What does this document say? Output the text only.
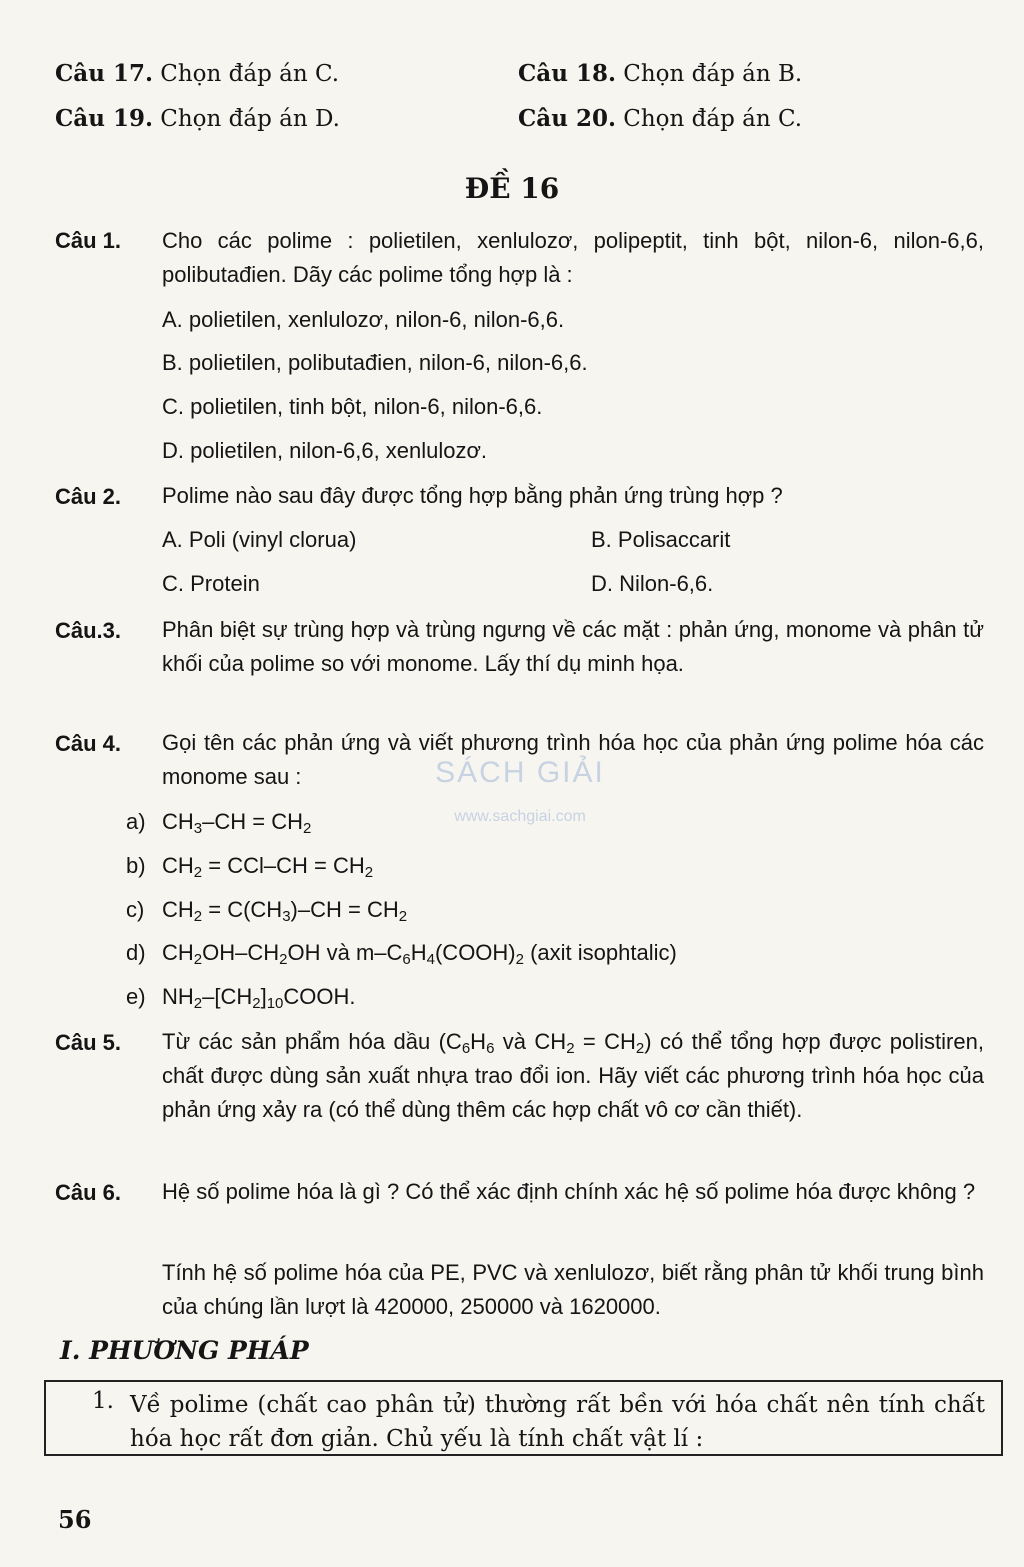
Câu 17. Chọn đáp án C.	Câu 18. Chọn đáp án B.
Câu 19. Chọn đáp án D.	Câu 20. Chọn đáp án C.
ĐỀ 16
Câu 1. Cho các polime : polietilen, xenlulozơ, polipeptit, tinh bột, nilon-6, nilon-6,6, polibutađien. Dãy các polime tổng hợp là :
A. polietilen, xenlulozơ, nilon-6, nilon-6,6.
B. polietilen, polibutađien, nilon-6, nilon-6,6.
C. polietilen, tinh bột, nilon-6, nilon-6,6.
D. polietilen, nilon-6,6, xenlulozơ.
Câu 2. Polime nào sau đây được tổng hợp bằng phản ứng trùng hợp ?
A. Poli (vinyl clorua)	B. Polisaccarit
C. Protein	D. Nilon-6,6.
Câu.3. Phân biệt sự trùng hợp và trùng ngưng về các mặt : phản ứng, monome và phân tử khối của polime so với monome. Lấy thí dụ minh họa.
Câu 4. Gọi tên các phản ứng và viết phương trình hóa học của phản ứng polime hóa các monome sau :
a) $CH_3-CH = CH_2$
b) $CH_2 = CCl-CH = CH_2$
c) $CH_2 = C(CH_3)-CH = CH_2$
d) $CH_2OH-CH_2OH$ và $m-C_6H_4(COOH)_2$ (axit isophtalic)
e) $NH_2-[CH_2]_{10}COOH$.
SÁCH GIẢI
www.sachgiai.com
Câu 5. Từ các sản phẩm hóa dầu ($C_6H_6$ và $CH_2 = CH_2$) có thể tổng hợp được polistiren, chất được dùng sản xuất nhựa trao đổi ion. Hãy viết các phương trình hóa học của phản ứng xảy ra (có thể dùng thêm các hợp chất vô cơ cần thiết).
Câu 6. Hệ số polime hóa là gì ? Có thể xác định chính xác hệ số polime hóa được không ?
Tính hệ số polime hóa của PE, PVC và xenlulozơ, biết rằng phân tử khối trung bình của chúng lần lượt là 420000, 250000 và 1620000.
I. PHƯƠNG PHÁP
1. Về polime (chất cao phân tử) thường rất bền với hóa chất nên tính chất hóa học rất đơn giản. Chủ yếu là tính chất vật lí :
56
